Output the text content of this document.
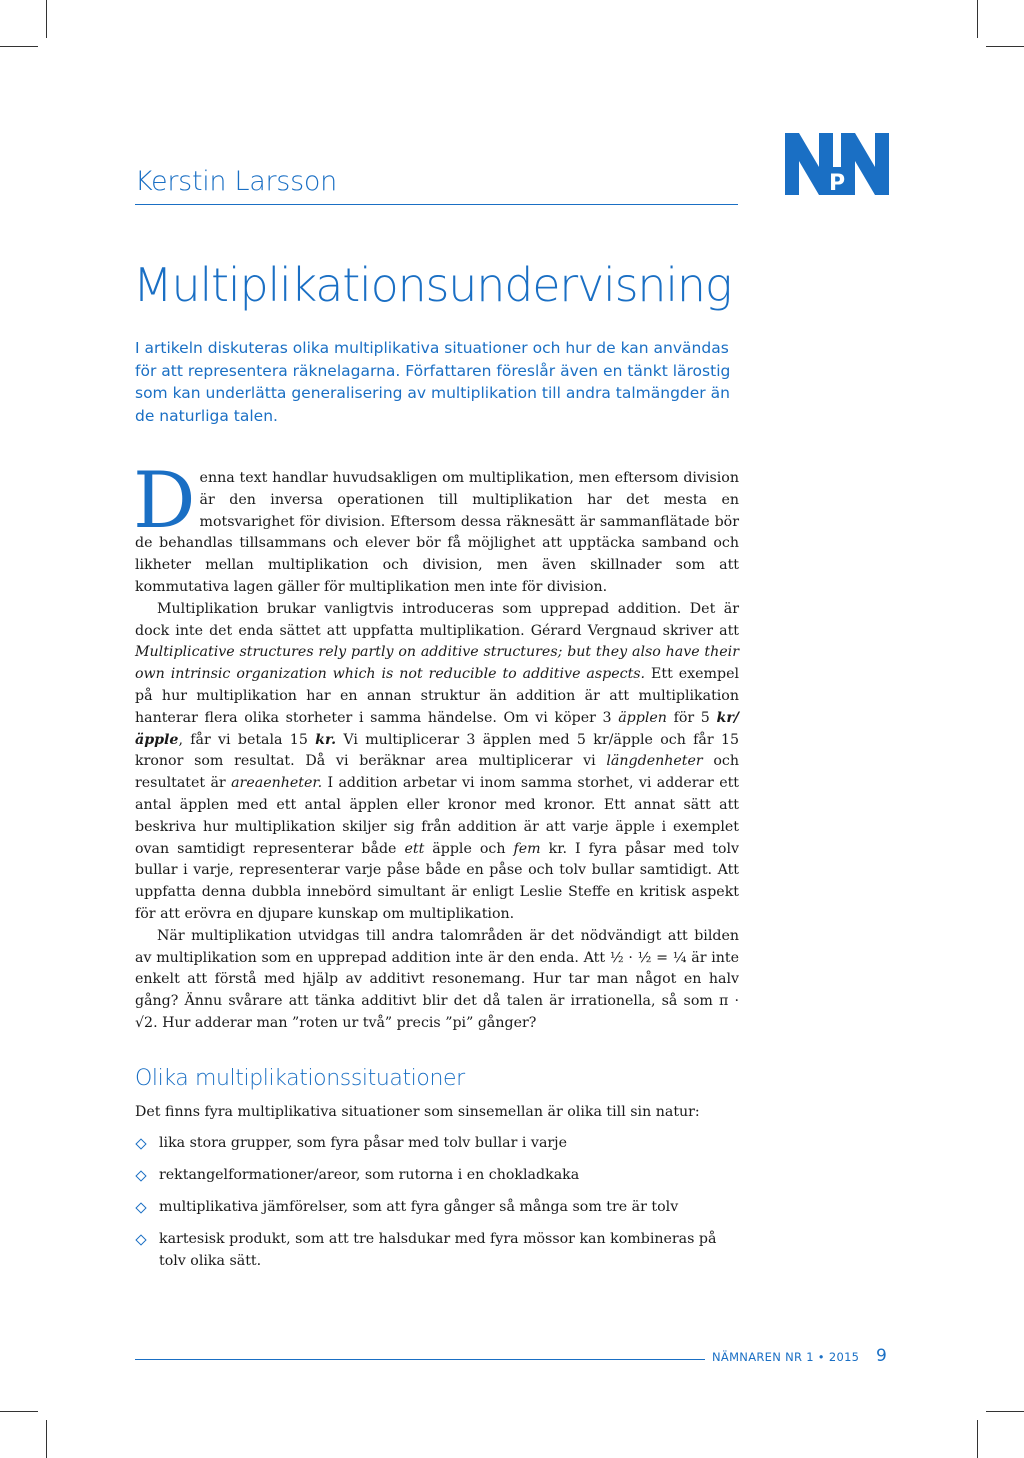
Kerstin Larsson	P
Multiplikationsundervisning
I artikeln diskuteras olika multiplikativa situationer och hur de kan användas för att representera räknelagarna. Författaren föreslår även en tänkt lärostig som kan underlätta generalisering av multiplikation till andra talmängder än de naturliga talen.

Denna text handlar huvudsakligen om multiplikation, men eftersom division är den inversa operationen till multiplikation har det mesta en motsvarighet för division. Eftersom dessa räknesätt är sammanflätade bör de behandlas tillsammans och elever bör få möjlighet att upptäcka samband och likheter mellan multiplikation och division, men även skillnader som att kommutativa lagen gäller för multiplikation men inte för division.

Multiplikation brukar vanligtvis introduceras som upprepad addition. Det är dock inte det enda sättet att uppfatta multiplikation. Gérard Vergnaud skriver att Multiplicative structures rely partly on additive structures; but they also have their own intrinsic organization which is not reducible to additive aspects. Ett exempel på hur multiplikation har en annan struktur än addition är att multiplikation hanterar flera olika storheter i samma händelse. Om vi köper 3 äpplen för 5 kr/äpple, får vi betala 15 kr. Vi multiplicerar 3 äpplen med 5 kr/äpple och får 15 kronor som resultat. Då vi beräknar area multiplicerar vi längdenheter och resultatet är areaenheter. I addition arbetar vi inom samma storhet, vi adderar ett antal äpplen med ett antal äpplen eller kronor med kronor. Ett annat sätt att beskriva hur multiplikation skiljer sig från addition är att varje äpple i exemplet ovan samtidigt representerar både ett äpple och fem kr. I fyra påsar med tolv bullar i varje, representerar varje påse både en påse och tolv bullar samtidigt. Att uppfatta denna dubbla innebörd simultant är enligt Leslie Steffe en kritisk aspekt för att erövra en djupare kunskap om multiplikation.

När multiplikation utvidgas till andra talområden är det nödvändigt att bilden av multiplikation som en upprepad addition inte är den enda. Att ½ · ½ = ¼ är inte enkelt att förstå med hjälp av additivt resonemang. Hur tar man något en halv gång? Ännu svårare att tänka additivt blir det då talen är irrationella, så som π · √2. Hur adderar man ”roten ur två” precis ”pi” gånger?

Olika multiplikationssituationer
Det finns fyra multiplikativa situationer som sinsemellan är olika till sin natur:
lika stora grupper, som fyra påsar med tolv bullar i varje
rektangelformationer/areor, som rutorna i en chokladkaka
multiplikativa jämförelser, som att fyra gånger så många som tre är tolv
kartesisk produkt, som att tre halsdukar med fyra mössor kan kombineras på tolv olika sätt.
NÄMNAREN NR 1 • 2015 9
